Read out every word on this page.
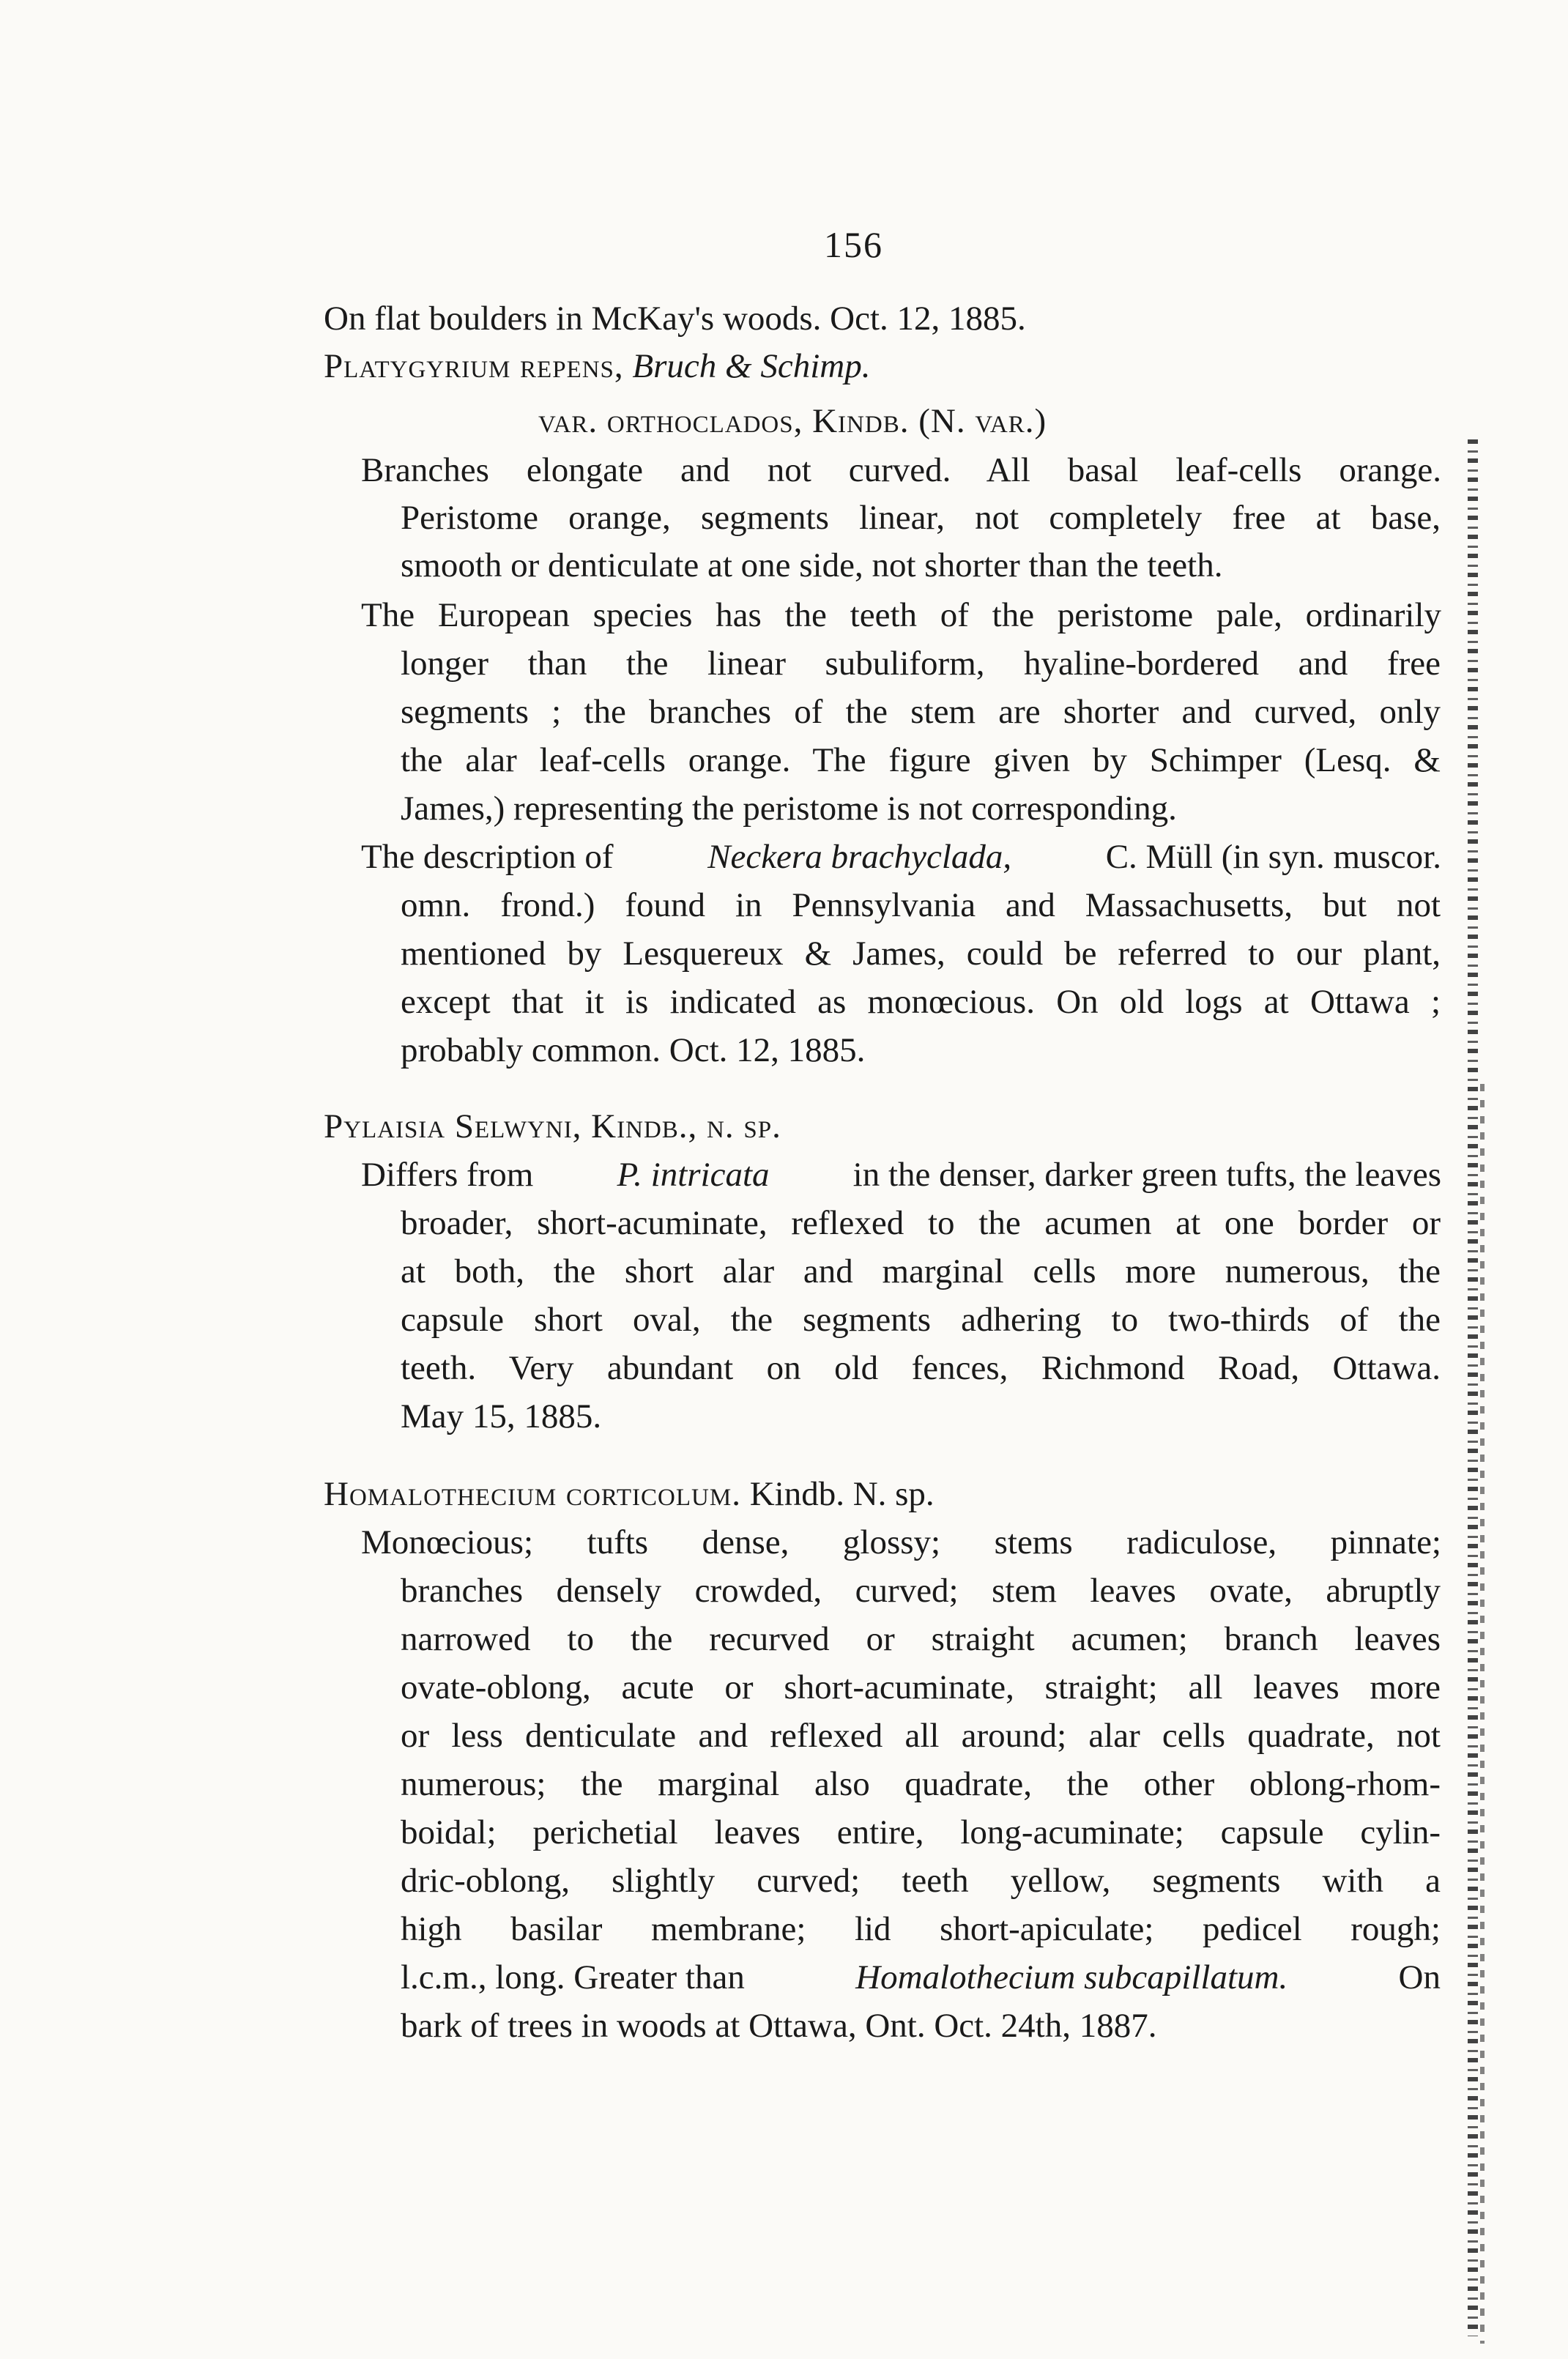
156
On flat boulders in McKay's woods. Oct. 12, 1885.
Platygyrium repens, Bruch & Schimp.
var. orthoclados, Kindb. (N. var.)
Branches elongate and not curved. All basal leaf-cells orange.
Peristome orange, segments linear, not completely free at base,
smooth or denticulate at one side, not shorter than the teeth.
The European species has the teeth of the peristome pale, ordinarily
longer than the linear subuliform, hyaline-bordered and free
segments ; the branches of the stem are shorter and curved, only
the alar leaf-cells orange. The figure given by Schimper (Lesq. &
James,) representing the peristome is not corresponding.
The description of	Neckera brachyclada,	C. Müll (in syn. muscor.
omn. frond.) found in Pennsylvania and Massachusetts, but not
mentioned by Lesquereux & James, could be referred to our plant,
except that it is indicated as monœcious. On old logs at Ottawa ;
probably common. Oct. 12, 1885.
Pylaisia Selwyni, Kindb., n. sp.
Differs from P. intricata in the denser, darker green tufts, the leaves
broader, short-acuminate, reflexed to the acumen at one border or
at both, the short alar and marginal cells more numerous, the
capsule short oval, the segments adhering to two-thirds of the
teeth. Very abundant on old fences, Richmond Road, Ottawa.
May 15, 1885.
Homalothecium corticolum. Kindb. N. sp.
Monœcious; tufts dense, glossy; stems radiculose, pinnate;
branches densely crowded, curved; stem leaves ovate, abruptly
narrowed to the recurved or straight acumen; branch leaves
ovate-oblong, acute or short-acuminate, straight; all leaves more
or less denticulate and reflexed all around; alar cells quadrate, not
numerous; the marginal also quadrate, the other oblong-rhom-
boidal; perichetial leaves entire, long-acuminate; capsule cylin-
dric-oblong, slightly curved; teeth yellow, segments with a
high basilar membrane; lid short-apiculate; pedicel rough;
l.c.m., long. Greater than	Homalothecium subcapillatum.	On
bark of trees in woods at Ottawa, Ont. Oct. 24th, 1887.
